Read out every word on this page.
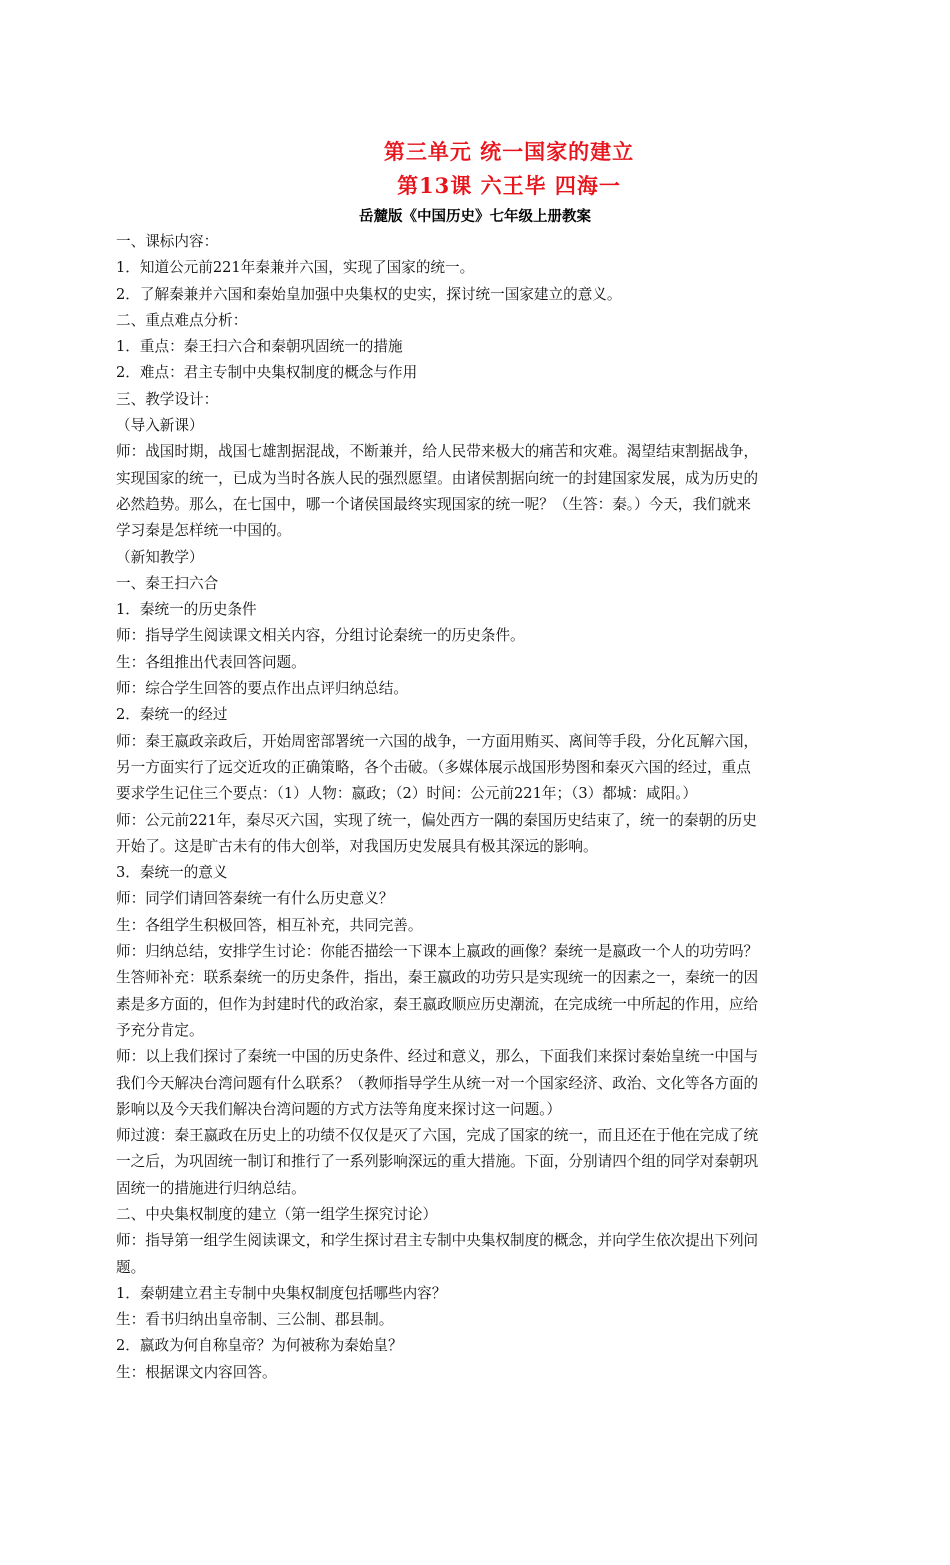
第三单元 统一国家的建立
第13课 六王毕 四海一
岳麓版《中国历史》七年级上册教案
一、课标内容：
1．知道公元前221年秦兼并六国，实现了国家的统一。
2．了解秦兼并六国和秦始皇加强中央集权的史实，探讨统一国家建立的意义。
二、重点难点分析：
1．重点：秦王扫六合和秦朝巩固统一的措施
2．难点：君主专制中央集权制度的概念与作用
三、教学设计：
（导入新课）
师：战国时期，战国七雄割据混战，不断兼并，给人民带来极大的痛苦和灾难。渴望结束割据战争，
实现国家的统一，已成为当时各族人民的强烈愿望。由诸侯割据向统一的封建国家发展，成为历史的
必然趋势。那么，在七国中，哪一个诸侯国最终实现国家的统一呢？（生答：秦。）今天，我们就来
学习秦是怎样统一中国的。
（新知教学）
一、秦王扫六合
1．秦统一的历史条件
师：指导学生阅读课文相关内容，分组讨论秦统一的历史条件。
生：各组推出代表回答问题。
师：综合学生回答的要点作出点评归纳总结。
2．秦统一的经过
师：秦王嬴政亲政后，开始周密部署统一六国的战争，一方面用贿买、离间等手段，分化瓦解六国，
另一方面实行了远交近攻的正确策略，各个击破。（多媒体展示战国形势图和秦灭六国的经过，重点
要求学生记住三个要点：（1）人物：嬴政；（2）时间：公元前221年；（3）都城：咸阳。）
师：公元前221年，秦尽灭六国，实现了统一，偏处西方一隅的秦国历史结束了，统一的秦朝的历史
开始了。这是旷古未有的伟大创举，对我国历史发展具有极其深远的影响。
3．秦统一的意义
师：同学们请回答秦统一有什么历史意义？
生：各组学生积极回答，相互补充，共同完善。
师：归纳总结，安排学生讨论：你能否描绘一下课本上嬴政的画像？秦统一是嬴政一个人的功劳吗？
生答师补充：联系秦统一的历史条件，指出，秦王嬴政的功劳只是实现统一的因素之一，秦统一的因
素是多方面的，但作为封建时代的政治家，秦王嬴政顺应历史潮流，在完成统一中所起的作用，应给
予充分肯定。
师：以上我们探讨了秦统一中国的历史条件、经过和意义，那么，下面我们来探讨秦始皇统一中国与
我们今天解决台湾问题有什么联系？（教师指导学生从统一对一个国家经济、政治、文化等各方面的
影响以及今天我们解决台湾问题的方式方法等角度来探讨这一问题。）
师过渡：秦王嬴政在历史上的功绩不仅仅是灭了六国，完成了国家的统一，而且还在于他在完成了统
一之后，为巩固统一制订和推行了一系列影响深远的重大措施。下面，分别请四个组的同学对秦朝巩
固统一的措施进行归纳总结。
二、中央集权制度的建立（第一组学生探究讨论）
师：指导第一组学生阅读课文，和学生探讨君主专制中央集权制度的概念，并向学生依次提出下列问
题。
1．秦朝建立君主专制中央集权制度包括哪些内容？
生：看书归纳出皇帝制、三公制、郡县制。
2．嬴政为何自称皇帝？为何被称为秦始皇？
生：根据课文内容回答。
